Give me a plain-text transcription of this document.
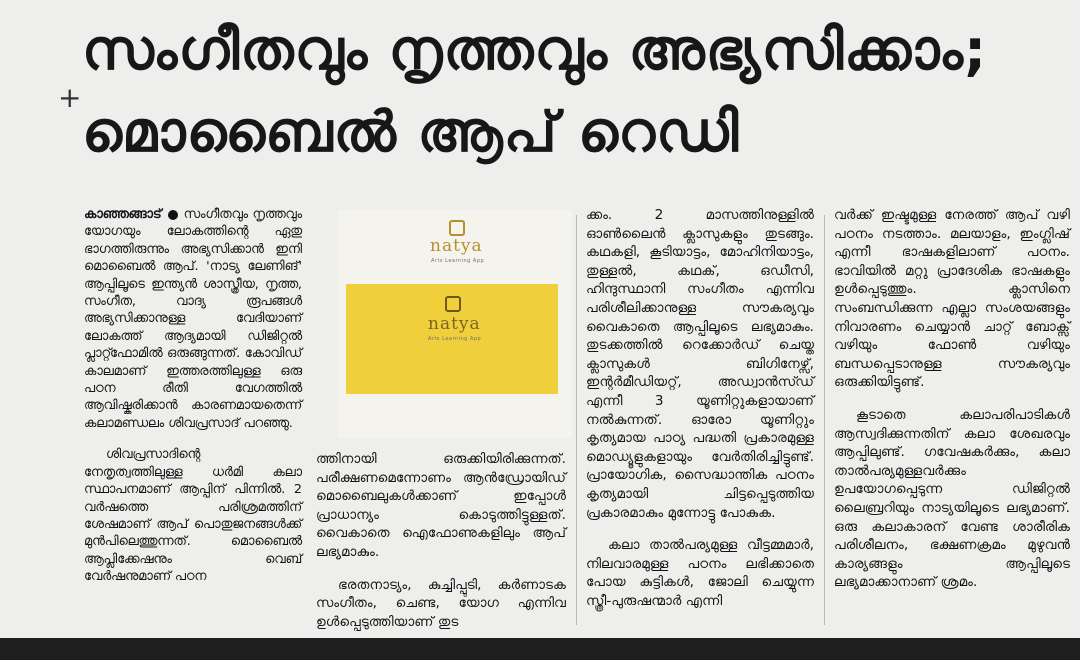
സംഗീതവും നൃത്തവും അഭ്യസിക്കാം;
+
മൊബൈൽ ആപ് റെഡി

കാഞ്ഞങ്ങാട് സംഗീതവും നൃത്തവും യോഗയും ലോകത്തിന്റെ ഏതു ഭാഗത്തിരുന്നും അഭ്യസിക്കാൻ ഇനി മൊബൈൽ ആപ്. 'നാട്യ ലേണിങ്' ആപ്പിലൂടെ ഇന്ത്യൻ ശാസ്ത്രീയ, നൃത്ത, സംഗീത, വാദ്യ രൂപങ്ങൾ അഭ്യസിക്കാനുള്ള വേദിയാണ് ലോകത്ത് ആദ്യമായി ഡിജിറ്റൽ പ്ലാറ്റ്ഫോമിൽ ഒരുങ്ങുന്നത്. കോവിഡ് കാലമാണ് ഇത്തരത്തിലുള്ള ഒരു പഠന രീതി വേഗത്തിൽ ആവിഷ്കരിക്കാൻ കാരണമായതെന്ന് കലാമണ്ഡലം ശിവപ്രസാദ് പറഞ്ഞു.

ശിവപ്രസാദിന്റെ നേതൃത്വത്തിലുള്ള ധർമി കലാ സ്ഥാപനമാണ് ആപ്പിന് പിന്നിൽ. 2 വർഷത്തെ പരിശ്രമത്തിന് ശേഷമാണ് ആപ് പൊതുജനങ്ങൾക്ക് മുൻപിലെത്തുന്നത്. മൊബൈൽ ആപ്ലിക്കേഷനും വെബ് വേർഷനുമാണ് പഠന

natya
Arts Learning App
natya
Arts Learning App

ത്തിനായി ഒരുക്കിയിരിക്കുന്നത്. പരീക്ഷണമെന്നോണം ആൻഡ്രോയിഡ് മൊബൈലുകൾക്കാണ് ഇപ്പോൾ പ്രാധാന്യം കൊടുത്തിട്ടുള്ളത്. വൈകാതെ ഐഫോണുകളിലും ആപ് ലഭ്യമാകും.

ഭരതനാട്യം, കുച്ചിപ്പുടി, കർണാടക സംഗീതം, ചെണ്ട, യോഗ എന്നിവ ഉൾപ്പെടുത്തിയാണ് തുട

ക്കം. 2 മാസത്തിനുള്ളിൽ ഓൺലൈൻ ക്ലാസുകളും തുടങ്ങും. കഥകളി, കൂടിയാട്ടം, മോഹിനിയാട്ടം, തുള്ളൽ, കഥക്, ഒഡീസി, ഹിന്ദുസ്ഥാനി സംഗീതം എന്നിവ പരിശീലിക്കാനുള്ള സൗകര്യവും വൈകാതെ ആപ്പിലൂടെ ലഭ്യമാകും. തുടക്കത്തിൽ റെക്കോർഡ് ചെയ്ത ക്ലാസുകൾ ബിഗിനേഴ്സ്, ഇന്റർമീഡിയറ്റ്, അഡ്വാൻസ്ഡ് എന്നീ 3 യൂണിറ്റുകളായാണ് നൽകുന്നത്. ഓരോ യൂണിറ്റും കൃത്യമായ പാഠ്യ പദ്ധതി പ്രകാരമുള്ള മൊഡ്യൂളുകളായും വേർതിരിച്ചിട്ടുണ്ട്. പ്രായോഗിക, സൈദ്ധാന്തിക പഠനം കൃത്യമായി ചിട്ടപ്പെടുത്തിയ പ്രകാരമാകും മുന്നോട്ടു പോകുക.

കലാ താൽപര്യമുള്ള വീട്ടമ്മമാർ, നിലവാരമുള്ള പഠനം ലഭിക്കാതെ പോയ കുട്ടികൾ, ജോലി ചെയ്യുന്ന സ്ത്രീ-പുരുഷന്മാർ എന്നി

വർക്ക് ഇഷ്ടമുള്ള നേരത്ത് ആപ് വഴി പഠനം നടത്താം. മലയാളം, ഇംഗ്ലിഷ് എന്നീ ഭാഷകളിലാണ് പഠനം. ഭാവിയിൽ മറ്റു പ്രാദേശിക ഭാഷകളും ഉൾപ്പെടുത്തും. ക്ലാസിനെ സംബന്ധിക്കുന്ന എല്ലാ സംശയങ്ങളും നിവാരണം ചെയ്യാൻ ചാറ്റ് ബോക്സ് വഴിയും ഫോൺ വഴിയും ബന്ധപ്പെടാനുള്ള സൗകര്യവും ഒരുക്കിയിട്ടുണ്ട്.

കൂടാതെ കലാപരിപാടികൾ ആസ്വദിക്കുന്നതിന് കലാ ശേഖരവും ആപ്പിലുണ്ട്. ഗവേഷകർക്കും, കലാ താൽപര്യമുള്ളവർക്കും ഉപയോഗപ്പെടുന്ന ഡിജിറ്റൽ ലൈബ്രറിയും നാട്യയിലൂടെ ലഭ്യമാണ്. ഒരു കലാകാരന് വേണ്ട ശാരീരിക പരിശീലനം, ഭക്ഷണക്രമം മുഴുവൻ കാര്യങ്ങളും ആപ്പിലൂടെ ലഭ്യമാക്കാനാണ് ശ്രമം.
